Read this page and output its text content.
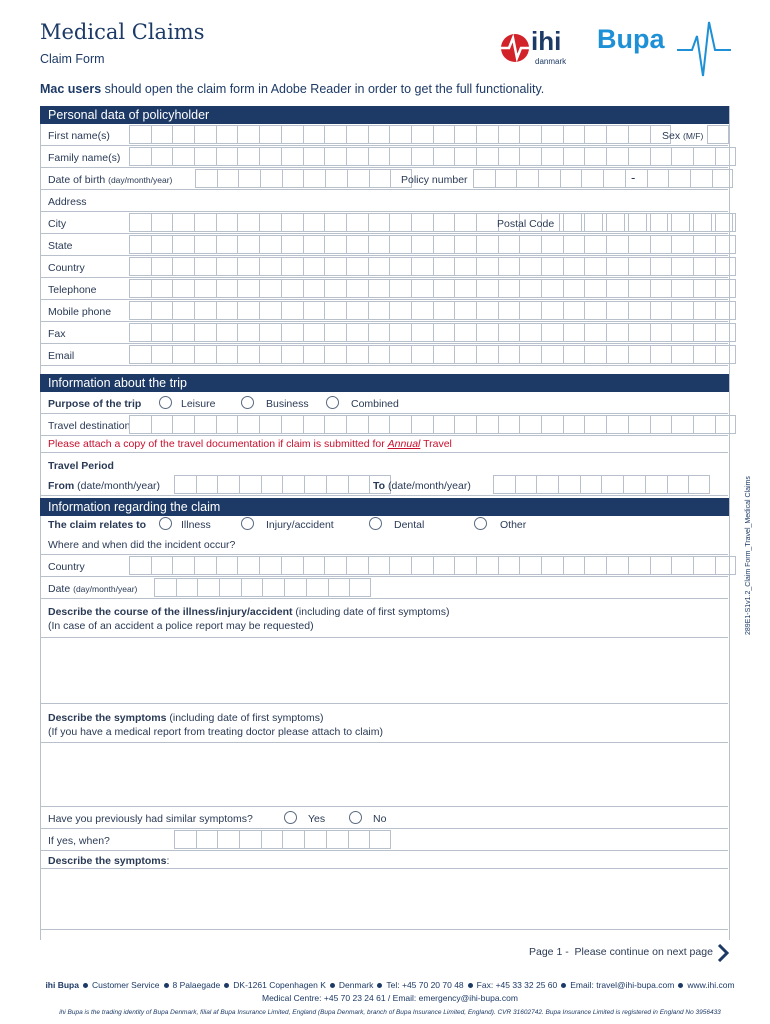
Medical Claims
Claim Form
ihi
danmark
Bupa
Mac users should open the claim form in Adobe Reader in order to get the full functionality.
Personal data of policyholder
First name(s)	Sex (M/F)
Family name(s)
Date of birth (day/month/year)	Policy number	-
Address
City	Postal Code
State
Country
Telephone
Mobile phone
Fax
Email
Information about the trip
Purpose of the trip	Leisure	Business	Combined
Travel destination
Please attach a copy of the travel documentation if claim is submitted for Annual Travel
Travel Period
From (date/month/year)	To (date/month/year)
Information regarding the claim
The claim relates to	Illness	Injury/accident	Dental	Other
Where and when did the incident occur?
Country
Date (day/month/year)
Describe the course of the illness/injury/accident (including date of first symptoms)
(In case of an accident a police report may be requested)
Describe the symptoms (including date of first symptoms)
(If you have a medical report from treating doctor please attach to claim)
Have you previously had similar symptoms?	Yes	No
If yes, when?
Describe the symptoms:
Page 1 - Please continue on next page
289E1-S1v1.2_Claim Form_Travel_Medical Claims
ihi Bupa Customer Service 8 Palaegade DK-1261 Copenhagen K Denmark Tel: +45 70 20 70 48 Fax: +45 33 32 25 60 Email: travel@ihi-bupa.com www.ihi.com
Medical Centre: +45 70 23 24 61 / Email: emergency@ihi-bupa.com
ihi Bupa is the trading identity of Bupa Denmark, filial af Bupa Insurance Limited, England (Bupa Denmark, branch of Bupa Insurance Limited, England). CVR 31602742. Bupa Insurance Limited is registered in England No 3956433
